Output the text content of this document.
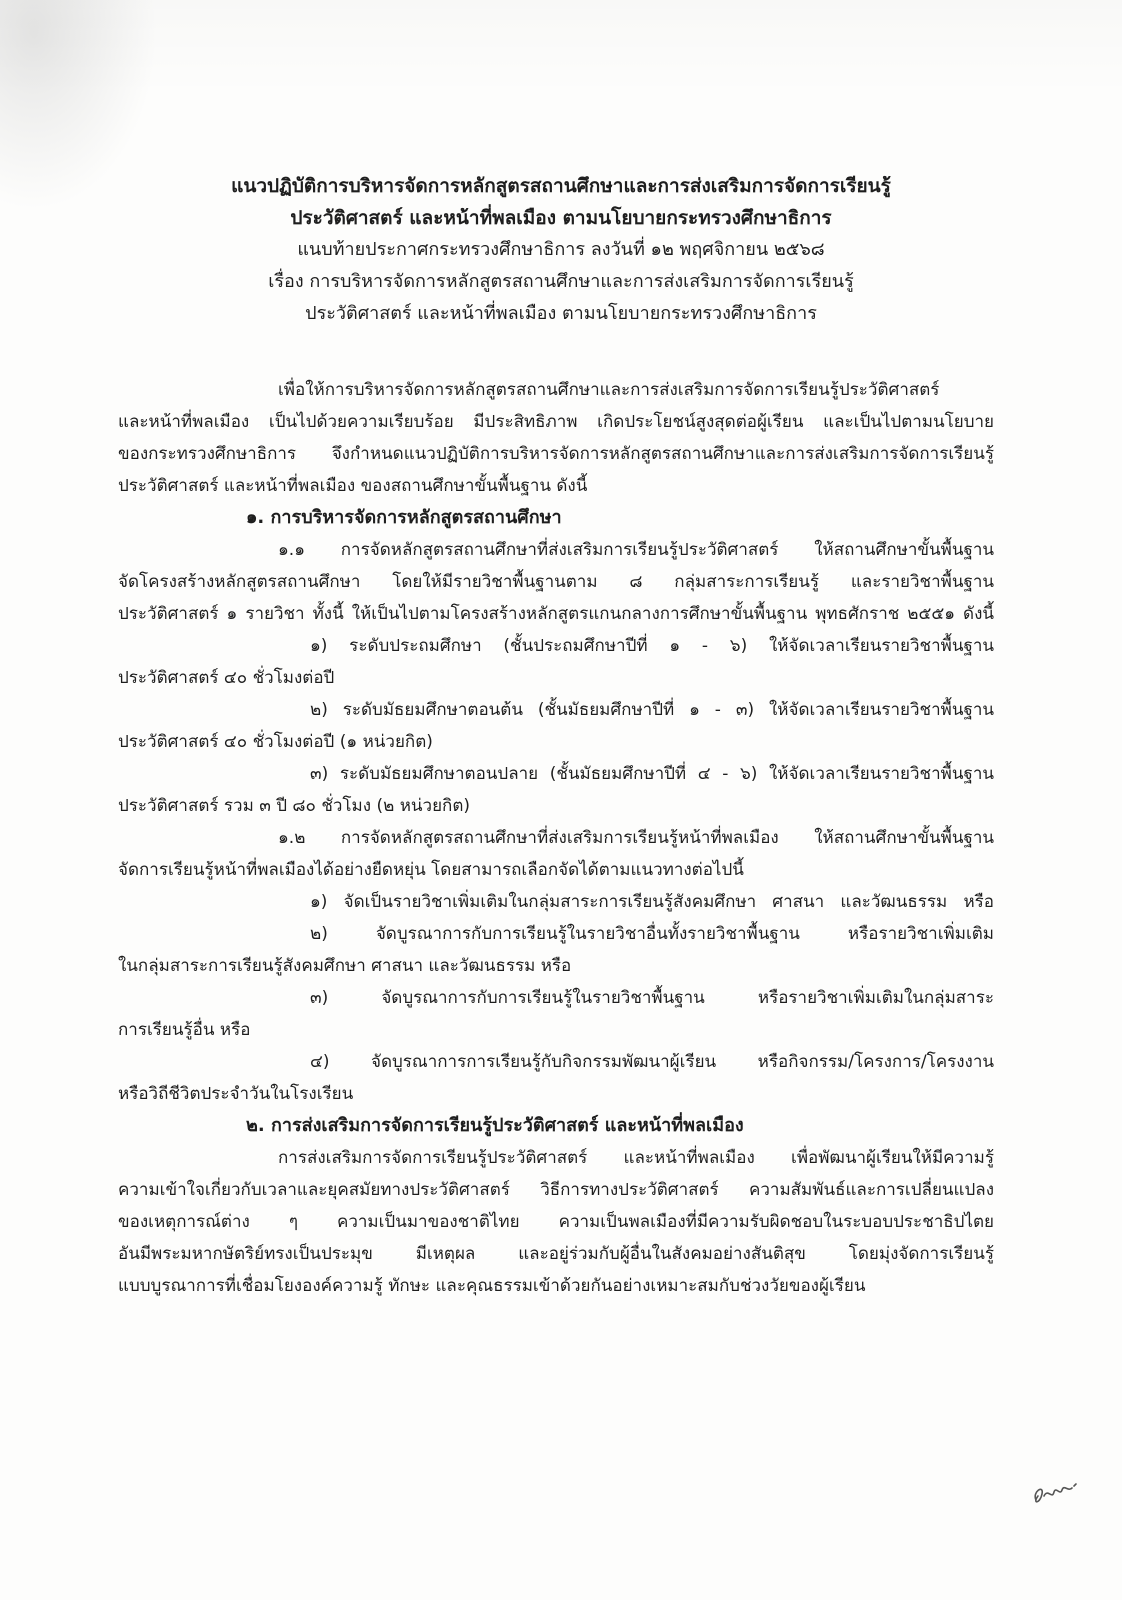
แนวปฏิบัติการบริหารจัดการหลักสูตรสถานศึกษาและการส่งเสริมการจัดการเรียนรู้
ประวัติศาสตร์ และหน้าที่พลเมือง ตามนโยบายกระทรวงศึกษาธิการ
แนบท้ายประกาศกระทรวงศึกษาธิการ ลงวันที่ ๑๒ พฤศจิกายน ๒๕๖๘
เรื่อง การบริหารจัดการหลักสูตรสถานศึกษาและการส่งเสริมการจัดการเรียนรู้
ประวัติศาสตร์ และหน้าที่พลเมือง ตามนโยบายกระทรวงศึกษาธิการ
เพื่อให้การบริหารจัดการหลักสูตรสถานศึกษาและการส่งเสริมการจัดการเรียนรู้ประวัติศาสตร์
และหน้าที่พลเมือง เป็นไปด้วยความเรียบร้อย มีประสิทธิภาพ เกิดประโยชน์สูงสุดต่อผู้เรียน และเป็นไปตามนโยบาย
ของกระทรวงศึกษาธิการ จึงกำหนดแนวปฏิบัติการบริหารจัดการหลักสูตรสถานศึกษาและการส่งเสริมการจัดการเรียนรู้
ประวัติศาสตร์ และหน้าที่พลเมือง ของสถานศึกษาขั้นพื้นฐาน ดังนี้
๑. การบริหารจัดการหลักสูตรสถานศึกษา
๑.๑ การจัดหลักสูตรสถานศึกษาที่ส่งเสริมการเรียนรู้ประวัติศาสตร์ ให้สถานศึกษาขั้นพื้นฐาน
จัดโครงสร้างหลักสูตรสถานศึกษา โดยให้มีรายวิชาพื้นฐานตาม ๘ กลุ่มสาระการเรียนรู้ และรายวิชาพื้นฐาน
ประวัติศาสตร์ ๑ รายวิชา ทั้งนี้ ให้เป็นไปตามโครงสร้างหลักสูตรแกนกลางการศึกษาขั้นพื้นฐาน พุทธศักราช ๒๕๕๑ ดังนี้
๑) ระดับประถมศึกษา (ชั้นประถมศึกษาปีที่ ๑ - ๖) ให้จัดเวลาเรียนรายวิชาพื้นฐาน
ประวัติศาสตร์ ๔๐ ชั่วโมงต่อปี
๒) ระดับมัธยมศึกษาตอนต้น (ชั้นมัธยมศึกษาปีที่ ๑ - ๓) ให้จัดเวลาเรียนรายวิชาพื้นฐาน
ประวัติศาสตร์ ๔๐ ชั่วโมงต่อปี (๑ หน่วยกิต)
๓) ระดับมัธยมศึกษาตอนปลาย (ชั้นมัธยมศึกษาปีที่ ๔ - ๖) ให้จัดเวลาเรียนรายวิชาพื้นฐาน
ประวัติศาสตร์ รวม ๓ ปี ๘๐ ชั่วโมง (๒ หน่วยกิต)
๑.๒ การจัดหลักสูตรสถานศึกษาที่ส่งเสริมการเรียนรู้หน้าที่พลเมือง ให้สถานศึกษาขั้นพื้นฐาน
จัดการเรียนรู้หน้าที่พลเมืองได้อย่างยืดหยุ่น โดยสามารถเลือกจัดได้ตามแนวทางต่อไปนี้
๑) จัดเป็นรายวิชาเพิ่มเติมในกลุ่มสาระการเรียนรู้สังคมศึกษา ศาสนา และวัฒนธรรม หรือ
๒) จัดบูรณาการกับการเรียนรู้ในรายวิชาอื่นทั้งรายวิชาพื้นฐาน หรือรายวิชาเพิ่มเติม
ในกลุ่มสาระการเรียนรู้สังคมศึกษา ศาสนา และวัฒนธรรม หรือ
๓) จัดบูรณาการกับการเรียนรู้ในรายวิชาพื้นฐาน หรือรายวิชาเพิ่มเติมในกลุ่มสาระ
การเรียนรู้อื่น หรือ
๔) จัดบูรณาการการเรียนรู้กับกิจกรรมพัฒนาผู้เรียน หรือกิจกรรม/โครงการ/โครงงาน
หรือวิถีชีวิตประจำวันในโรงเรียน
๒. การส่งเสริมการจัดการเรียนรู้ประวัติศาสตร์ และหน้าที่พลเมือง
การส่งเสริมการจัดการเรียนรู้ประวัติศาสตร์ และหน้าที่พลเมือง เพื่อพัฒนาผู้เรียนให้มีความรู้
ความเข้าใจเกี่ยวกับเวลาและยุคสมัยทางประวัติศาสตร์ วิธีการทางประวัติศาสตร์ ความสัมพันธ์และการเปลี่ยนแปลง
ของเหตุการณ์ต่าง ๆ ความเป็นมาของชาติไทย ความเป็นพลเมืองที่มีความรับผิดชอบในระบอบประชาธิปไตย
อันมีพระมหากษัตริย์ทรงเป็นประมุข มีเหตุผล และอยู่ร่วมกับผู้อื่นในสังคมอย่างสันติสุข โดยมุ่งจัดการเรียนรู้
แบบบูรณาการที่เชื่อมโยงองค์ความรู้ ทักษะ และคุณธรรมเข้าด้วยกันอย่างเหมาะสมกับช่วงวัยของผู้เรียน
